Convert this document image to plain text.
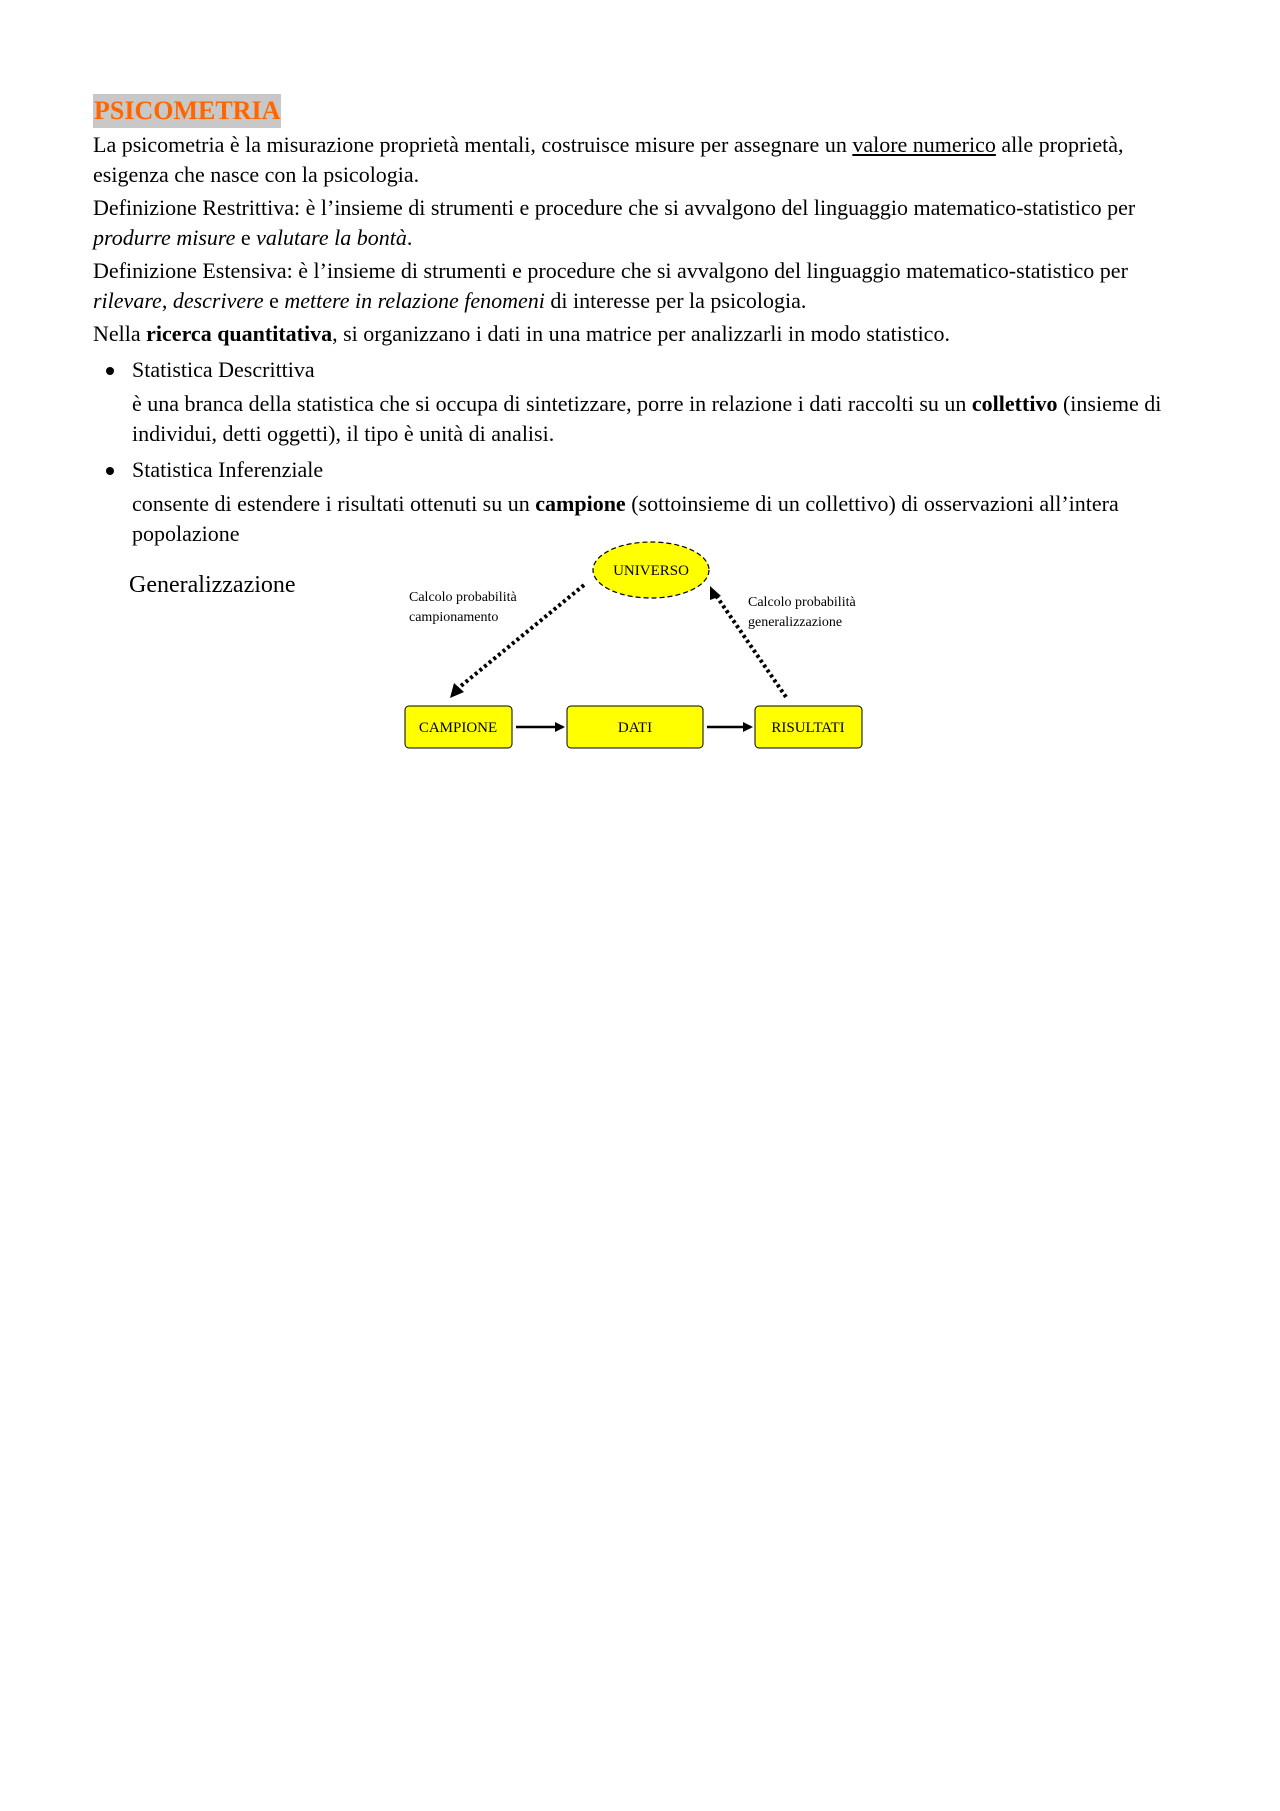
PSICOMETRIA

La psicometria è la misurazione proprietà mentali, costruisce misure per assegnare un valore numerico alle proprietà, esigenza che nasce con la psicologia.

Definizione Restrittiva: è l’insieme di strumenti e procedure che si avvalgono del linguaggio matematico-statistico per produrre misure e valutare la bontà.

Definizione Estensiva: è l’insieme di strumenti e procedure che si avvalgono del linguaggio matematico-statistico per rilevare, descrivere e mettere in relazione fenomeni di interesse per la psicologia.

Nella ricerca quantitativa, si organizzano i dati in una matrice per analizzarli in modo statistico.

Statistica Descrittiva
è una branca della statistica che si occupa di sintetizzare, porre in relazione i dati raccolti su un collettivo (insieme di individui, detti oggetti), il tipo è unità di analisi.
Statistica Inferenziale
consente di estendere i risultati ottenuti su un campione (sottoinsieme di un collettivo) di osservazioni all’intera popolazione
Generalizzazione
UNIVERSO
Calcolo probabilità
campionamento
Calcolo probabilità
generalizzazione
CAMPIONE	DATI	RISULTATI
